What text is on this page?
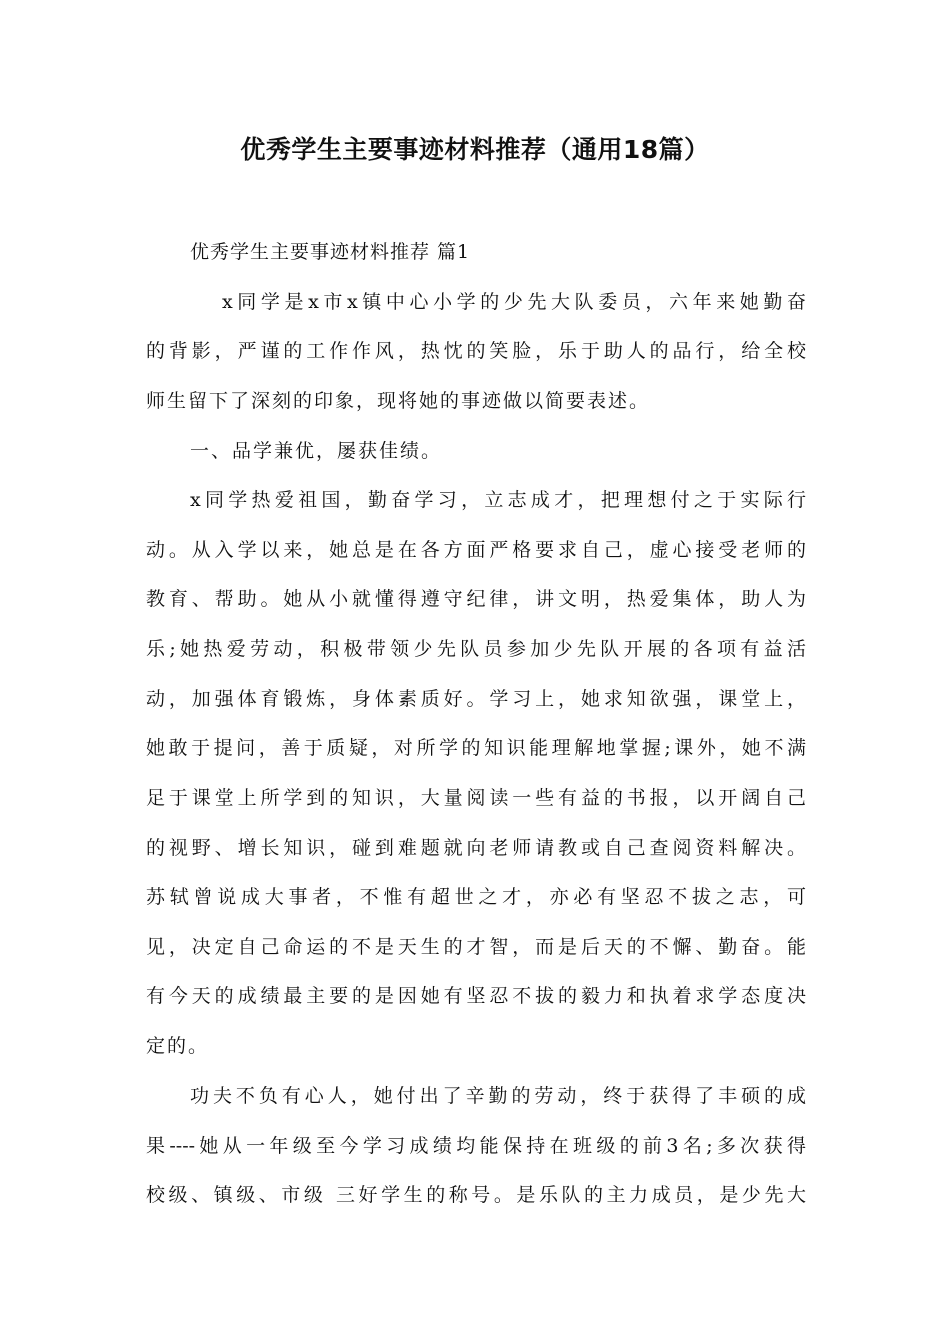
优秀学生主要事迹材料推荐（通用18篇）
优秀学生主要事迹材料推荐 篇1
x同学是x市x镇中心小学的少先大队委员，六年来她勤奋
的背影，严谨的工作作风，热忱的笑脸，乐于助人的品行，给全校
师生留下了深刻的印象，现将她的事迹做以简要表述。
一、品学兼优，屡获佳绩。
x同学热爱祖国，勤奋学习，立志成才，把理想付之于实际行
动。从入学以来，她总是在各方面严格要求自己，虚心接受老师的
教育、帮助。她从小就懂得遵守纪律，讲文明，热爱集体，助人为
乐;她热爱劳动，积极带领少先队员参加少先队开展的各项有益活
动，加强体育锻炼，身体素质好。学习上，她求知欲强，课堂上，
她敢于提问，善于质疑，对所学的知识能理解地掌握;课外，她不满
足于课堂上所学到的知识，大量阅读一些有益的书报，以开阔自己
的视野、增长知识，碰到难题就向老师请教或自己查阅资料解决。
苏轼曾说成大事者，不惟有超世之才，亦必有坚忍不拔之志，可
见，决定自己命运的不是天生的才智，而是后天的不懈、勤奋。能
有今天的成绩最主要的是因她有坚忍不拔的毅力和执着求学态度决
定的。
功夫不负有心人，她付出了辛勤的劳动，终于获得了丰硕的成
果----她从一年级至今学习成绩均能保持在班级的前3名;多次获得
校级、镇级、市级 三好学生的称号。是乐队的主力成员，是少先大
